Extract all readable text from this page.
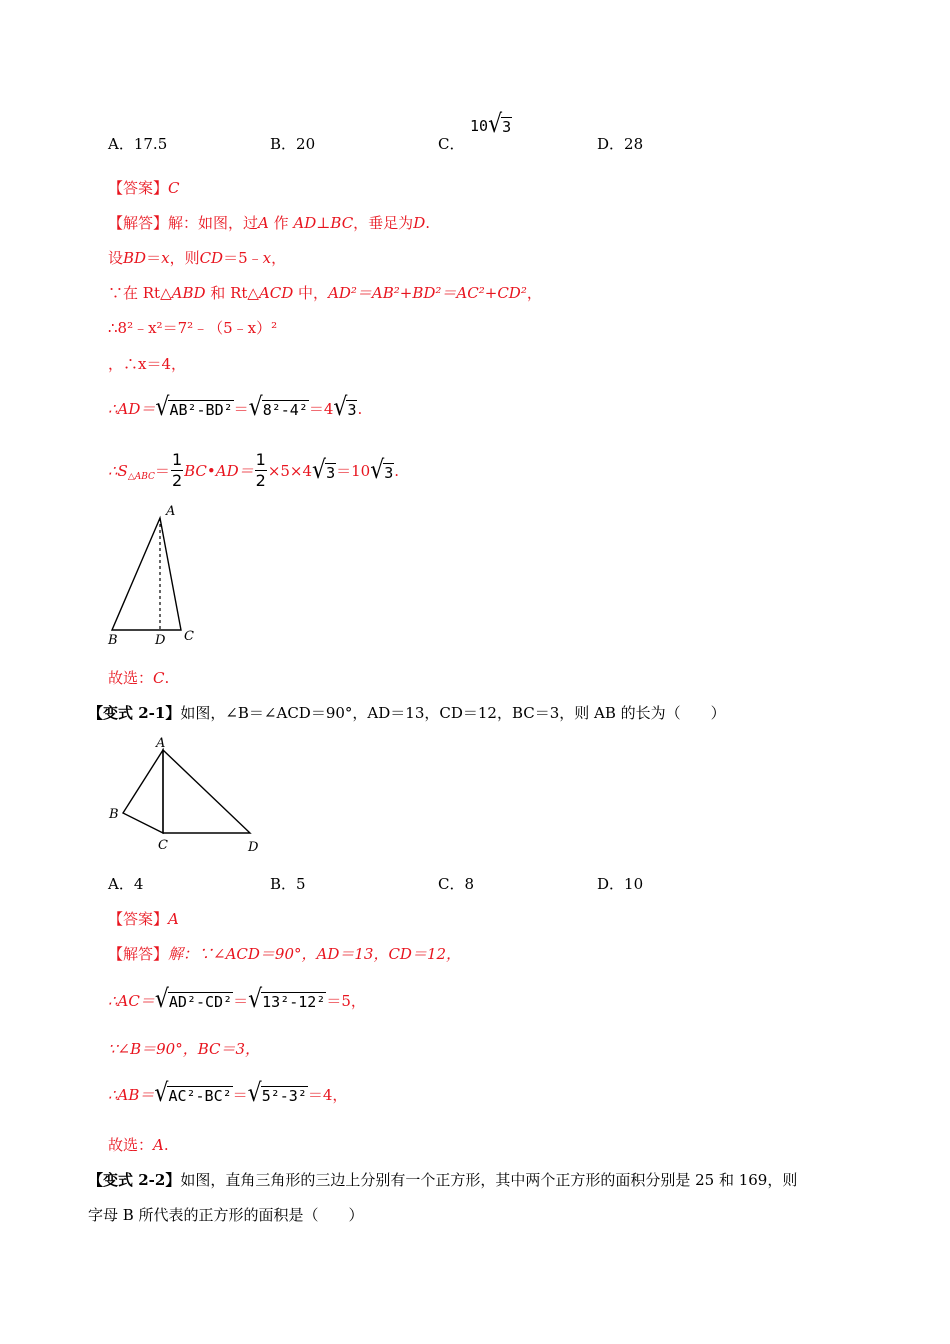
A．17.5	B．20	C．
10 √ 3
D．28
【答案】C
【解答】解：如图，过A 作 AD⊥BC，垂足为D.
设BD＝x，则CD＝5﹣x，
∵在 Rt△ABD 和 Rt△ACD 中，AD²＝AB²+BD²＝AC²+CD²，
∴8²﹣x²＝7²﹣（5﹣x）²
，∴x＝4，
∴AD＝ √ AB²-BD² ＝ √ 8²-4² ＝4 √ 3 .
∴S △ABC ＝ $\frac{1}{2}$ BC•AD＝ $\frac{1}{2} \times 5\times 4$ √ 3 ＝10 √ 3 .
A
B	D C
故选：C.
【变式 2-1】如图，∠B＝∠ACD＝90°，AD＝13，CD＝12，BC＝3，则 AB 的长为（　　）
A
B
C	D
A．4	B．5	C．8	D．10
【答案】A
【解答】解：∵∠ACD＝90°，AD＝13，CD＝12，
∴AC＝ √ AD²-CD² ＝ √ 13²-12² ＝5，
∵∠B＝90°，BC＝3，
∴AB＝ √ AC²-BC² ＝ √ 5²-3² ＝4，
故选：A.
【变式 2-2】如图，直角三角形的三边上分别有一个正方形，其中两个正方形的面积分别是 25 和 169，则
字母 B 所代表的正方形的面积是（　　）
